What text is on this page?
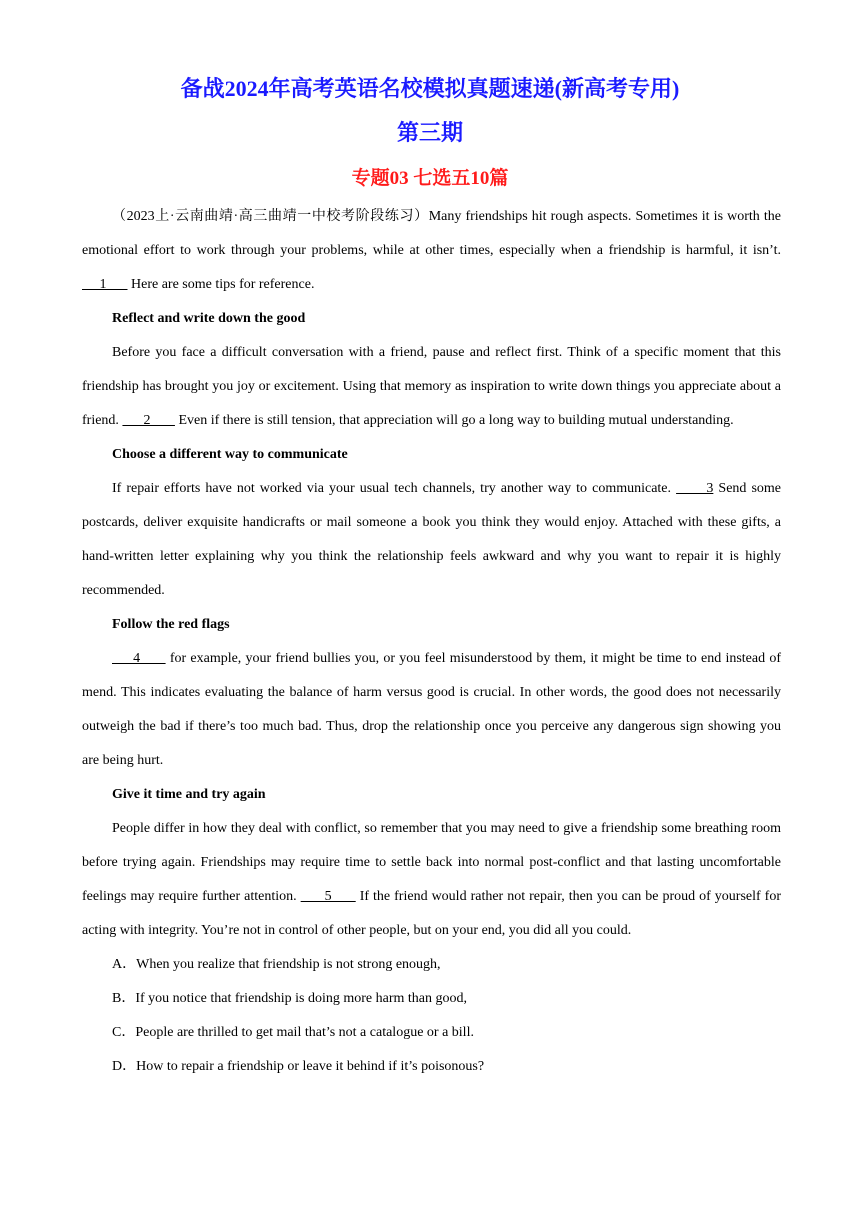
备战2024年高考英语名校模拟真题速递(新高考专用)
第三期
专题03 七选五10篇

（2023上·云南曲靖·高三曲靖一中校考阶段练习）Many friendships hit rough aspects. Sometimes it is worth the emotional effort to work through your problems, while at other times, especially when a friendship is harmful, it isn’t.      1       Here are some tips for reference.

Reflect and write down the good

Before you face a difficult conversation with a friend, pause and reflect first. Think of a specific moment that this friendship has brought you joy or excitement. Using that memory as inspiration to write down things you appreciate about a friend.       2        Even if there is still tension, that appreciation will go a long way to building mutual understanding.

Choose a different way to communicate

If repair efforts have not worked via your usual tech channels, try another way to communicate.       3 Send some postcards, deliver exquisite handicrafts or mail someone a book you think they would enjoy. Attached with these gifts, a hand-written letter explaining why you think the relationship feels awkward and why you want to repair it is highly recommended.

Follow the red flags

4       for example, your friend bullies you, or you feel misunderstood by them, it might be time to end instead of mend. This indicates evaluating the balance of harm versus good is crucial. In other words, the good does not necessarily outweigh the bad if there’s too much bad. Thus, drop the relationship once you perceive any dangerous sign showing you are being hurt.

Give it time and try again

People differ in how they deal with conflict, so remember that you may need to give a friendship some breathing room before trying again. Friendships may require time to settle back into normal post-conflict and that lasting uncomfortable feelings may require further attention.       5       If the friend would rather not repair, then you can be proud of yourself for acting with integrity. You’re not in control of other people, but on your end, you did all you could.

A．When you realize that friendship is not strong enough,

B．If you notice that friendship is doing more harm than good,

C．People are thrilled to get mail that’s not a catalogue or a bill.

D．How to repair a friendship or leave it behind if it’s poisonous?
